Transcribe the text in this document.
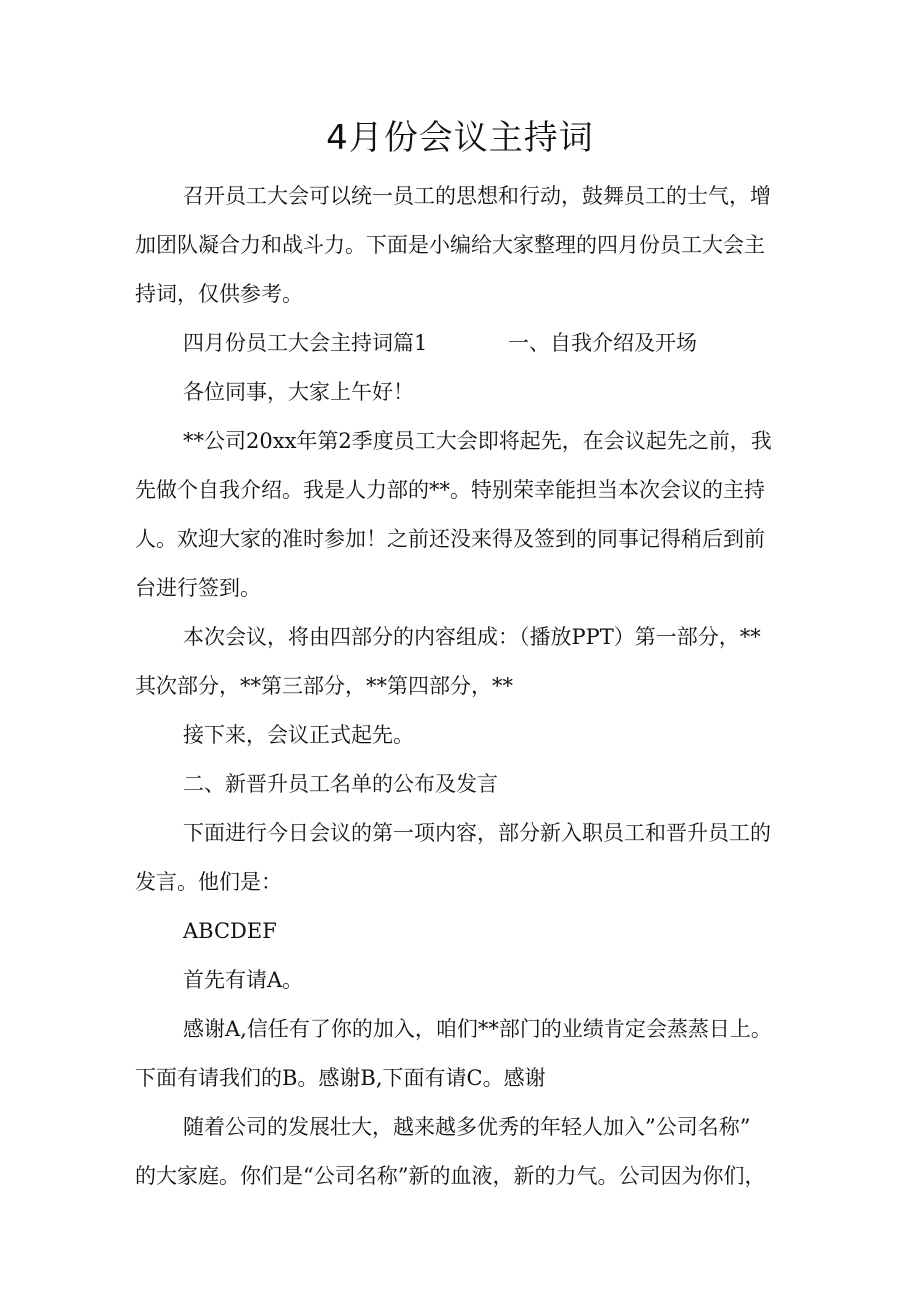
4月份会议主持词

召开员工大会可以统一员工的思想和行动，鼓舞员工的士气，增

加团队凝合力和战斗力。下面是小编给大家整理的四月份员工大会主

持词，仅供参考。

四月份员工大会主持词篇1	一、自我介绍及开场

各位同事，大家上午好！

**公司20xx年第2季度员工大会即将起先，在会议起先之前，我

先做个自我介绍。我是人力部的**。特别荣幸能担当本次会议的主持

人。欢迎大家的准时参加！之前还没来得及签到的同事记得稍后到前

台进行签到。

本次会议，将由四部分的内容组成：（播放PPT）第一部分，**

其次部分，**第三部分，**第四部分，**

接下来，会议正式起先。

二、新晋升员工名单的公布及发言

下面进行今日会议的第一项内容，部分新入职员工和晋升员工的

发言。他们是：

ABCDEF

首先有请A。

感谢A,信任有了你的加入，咱们**部门的业绩肯定会蒸蒸日上。

下面有请我们的B。感谢B,下面有请C。感谢

随着公司的发展壮大，越来越多优秀的年轻人加入”公司名称”

的大家庭。你们是“公司名称”新的血液，新的力气。公司因为你们，
